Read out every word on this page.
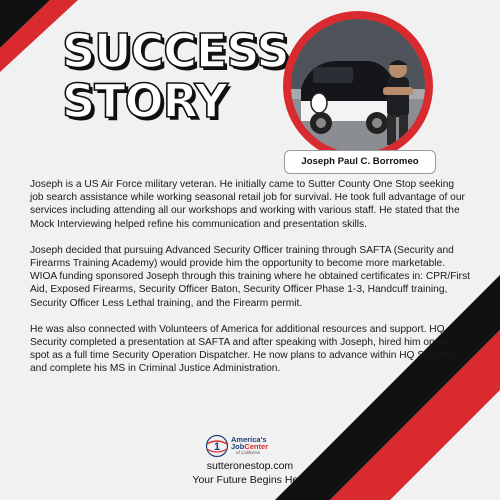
SUCCESS
STORY
Joseph Paul C. Borromeo

Joseph is a US Air Force military veteran. He initially came to Sutter County One Stop seeking job search assistance while working seasonal retail job for survival. He took full advantage of our services including attending all our workshops and working with various staff. He stated that the Mock Interviewing helped refine his communication and presentation skills.

Joseph decided that pursuing Advanced Security Officer training through SAFTA (Security and Firearms Training Academy) would provide him the opportunity to become more marketable. WIOA funding sponsored Joseph through this training where he obtained certificates in: CPR/First Aid, Exposed Firearms, Security Officer Baton, Security Officer Phase 1-3, Handcuff training, Security Officer Less Lethal training, and the Firearm permit.

He was also connected with Volunteers of America for additional resources and support. HQ Security completed a presentation at SAFTA and after speaking with Joseph, hired him on the spot as a full time Security Operation Dispatcher. He now plans to advance within HQ Security and complete his MS in Criminal Justice Administration.

1
America's
JobCenter
of California
sutteronestop.com
Your Future Begins Here
